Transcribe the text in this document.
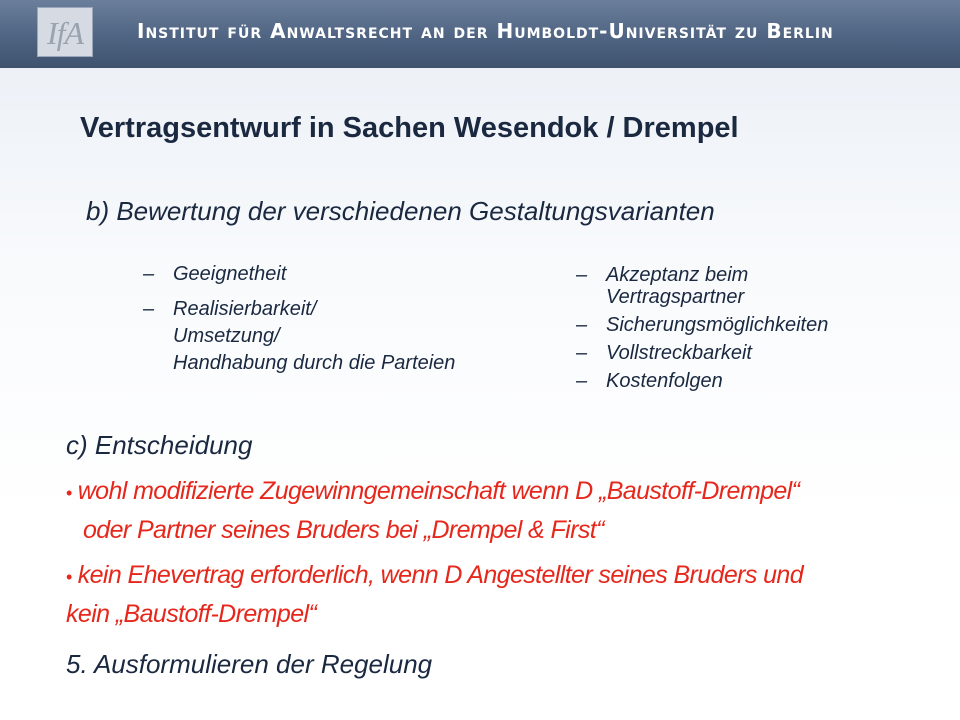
IfA	Institut für Anwaltsrecht an der Humboldt-Universität zu Berlin
Vertragsentwurf in Sachen Wesendok / Drempel
b) Bewertung der verschiedenen Gestaltungsvarianten
– Geeignetheit
– Realisierbarkeit/
Umsetzung/
Handhabung durch die Parteien
– Akzeptanz beim
Vertragspartner
– Sicherungsmöglichkeiten
– Vollstreckbarkeit
– Kostenfolgen
c) Entscheidung
• wohl modifizierte Zugewinngemeinschaft wenn D „Baustoff-Drempel“
oder Partner seines Bruders bei „Drempel & First“
• kein Ehevertrag erforderlich, wenn D Angestellter seines Bruders und
kein „Baustoff-Drempel“
5. Ausformulieren der Regelung
